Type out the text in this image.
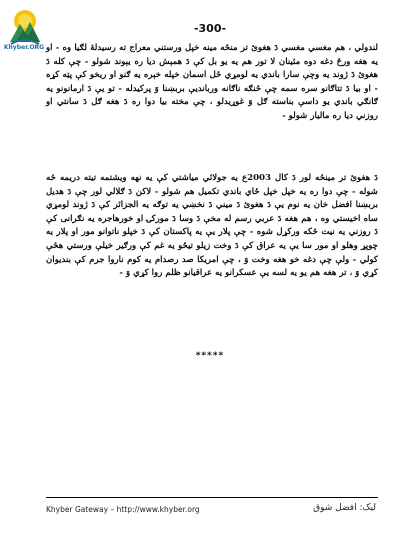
Khyber.ORG
-300-

لندولي ، هم مغسي مغسي دَ هغوئ تر منځه مينه خپل ورستني معراج ته رسيدلهٔ لګيا وه - او يه هغه ورځ دغه دوه مئينان لا تور هم يه يو بل کې دَ همېش ديا ره يېوند شولو - چې کله دَ هغوئ دَ ژوند يه وچې سارا باندي يه لومړي ځل اسمان خپله خېره يه ګنو او ريخو کې پټه کړه - او بيا دَ تتاګانو سره سمه چې ځنګه ناګانه وربانديې بربښنا وَ پرکيدله - تو يې دَ ارمانونو يه ګانګي باندي يو داسې بناسته ګل وَ غوړيدلو ، چې مخته بيا دوا ره دَ هغه ګل دَ سانتي او روزني ديا ره ماليار شولو -

دَ هغوئ تر مينځه لور دَ کال 2003ع يه جولائي مياشتي کې يه نهه ويشتمه تيته دريمه څه شوله - چې دوا ره يه خپل خپل ځاي باندي تکميل هم شولو - لاکن دَ ګلالي لور چې دَ هديل بربښنا افضل خان يه نوم يې دَ هغوئ دَ ميني دَ نخښي يه توګه يه الجزائر کې دَ ژوند لومړي ساه اخيستي وه ، هم هغه دَ عربي رسم له مخې دَ وسا دَ مورکۍ او خورهاجره يه نګرانی کې دَ روزني يه نيت څکه ورکړل شوه - چې پلار يې يه پاکستان کې دَ خپلو ناتوانو مور او پلار يه چوپړ وهلو او مور سا يې يه عراق کې دَ وخت زيلو تيځو يه غم کې ورګير خيلې ورستي هڅې کولي - ولې چې دغه خو هغه وخت وَ ، چې امريکا صد رصدام يه کوم ناروا جرم کې بنديوان کړي وَ ، تر هغه هم يو يه لسه يې عسکرانو يه عراقيانو ظلم روا کړي وَ -

*****
Khyber Gateway – http://www.khyber.org	ليک: افضل شوق
